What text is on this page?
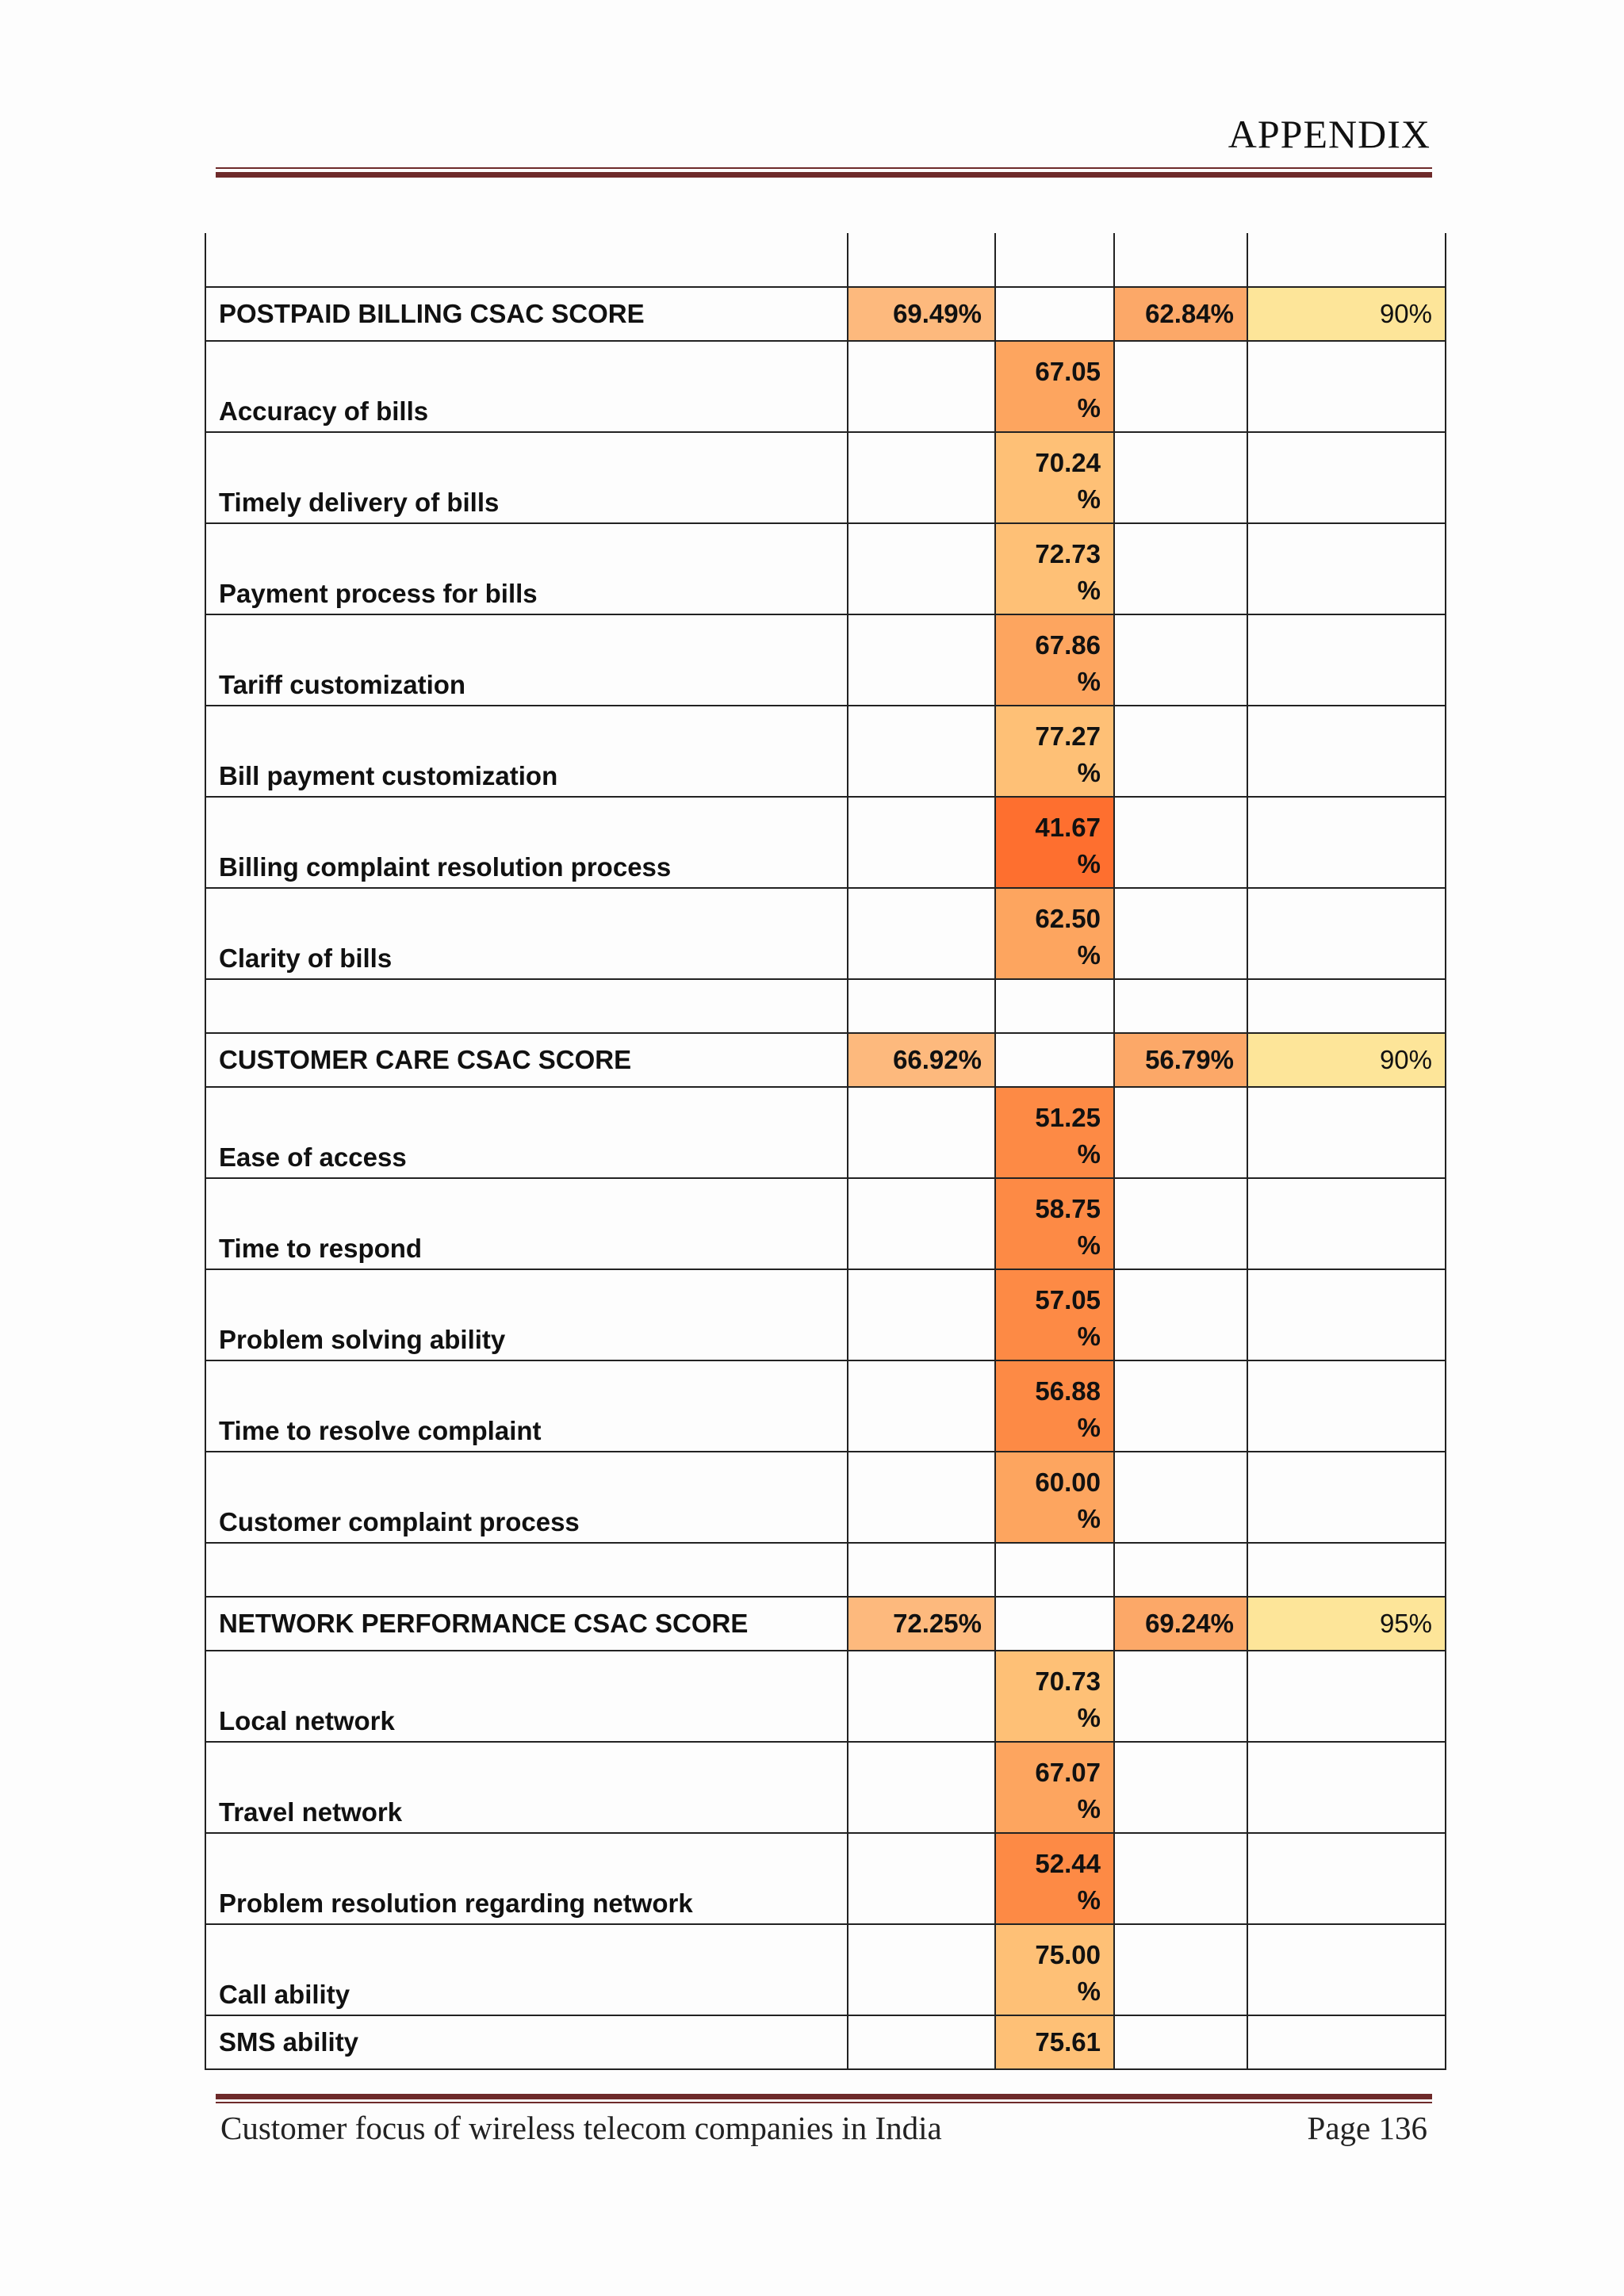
APPENDIX

POSTPAID BILLING CSAC SCORE	69.49%		62.84%	90%
Accuracy of bills		67.05
%		

Timely delivery of bills		70.24
%		

Payment process for bills		72.73
%		

Tariff customization		67.86
%		

Bill payment customization		77.27
%		

Billing complaint resolution process		41.67
%		

Clarity of bills		62.50
%		

CUSTOMER CARE CSAC SCORE	66.92%		56.79%	90%
Ease of access		51.25
%		

Time to respond		58.75
%		

Problem solving ability		57.05
%		

Time to resolve complaint		56.88
%		

Customer complaint process		60.00
%		

NETWORK PERFORMANCE CSAC SCORE	72.25%		69.24%	95%
Local network		70.73
%		

Travel network		67.07
%		

Problem resolution regarding network		52.44
%		

Call ability		75.00
%		

SMS ability		75.61		

Customer focus of wireless telecom companies in India	Page 136
